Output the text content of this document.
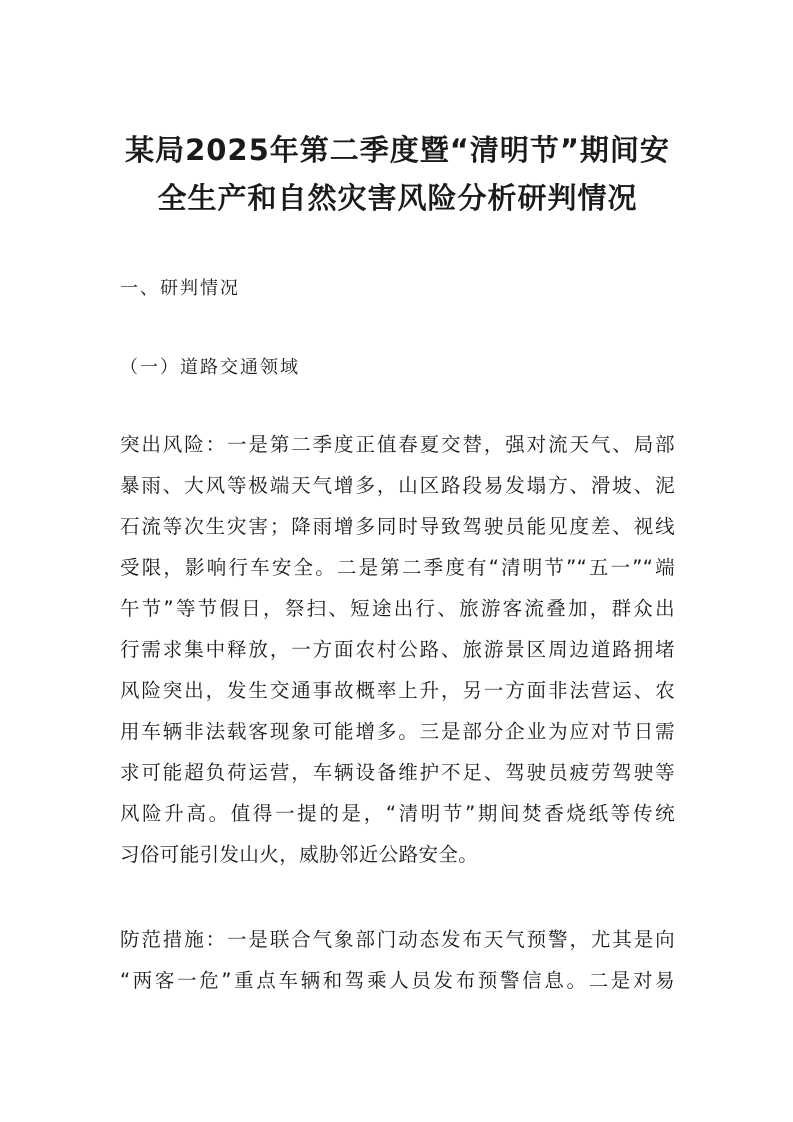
某局2025年第二季度暨“清明节”期间安
全生产和自然灾害风险分析研判情况

一、研判情况

（一）道路交通领域

突出风险：一是第二季度正值春夏交替，强对流天气、局部
暴雨、大风等极端天气增多，山区路段易发塌方、滑坡、泥
石流等次生灾害；降雨增多同时导致驾驶员能见度差、视线
受限，影响行车安全。二是第二季度有“清明节”“五一”“端
午节”等节假日，祭扫、短途出行、旅游客流叠加，群众出
行需求集中释放，一方面农村公路、旅游景区周边道路拥堵
风险突出，发生交通事故概率上升，另一方面非法营运、农
用车辆非法载客现象可能增多。三是部分企业为应对节日需
求可能超负荷运营，车辆设备维护不足、驾驶员疲劳驾驶等
风险升高。值得一提的是，“清明节”期间焚香烧纸等传统
习俗可能引发山火，威胁邻近公路安全。

防范措施：一是联合气象部门动态发布天气预警，尤其是向
“两客一危”重点车辆和驾乘人员发布预警信息。二是对易
